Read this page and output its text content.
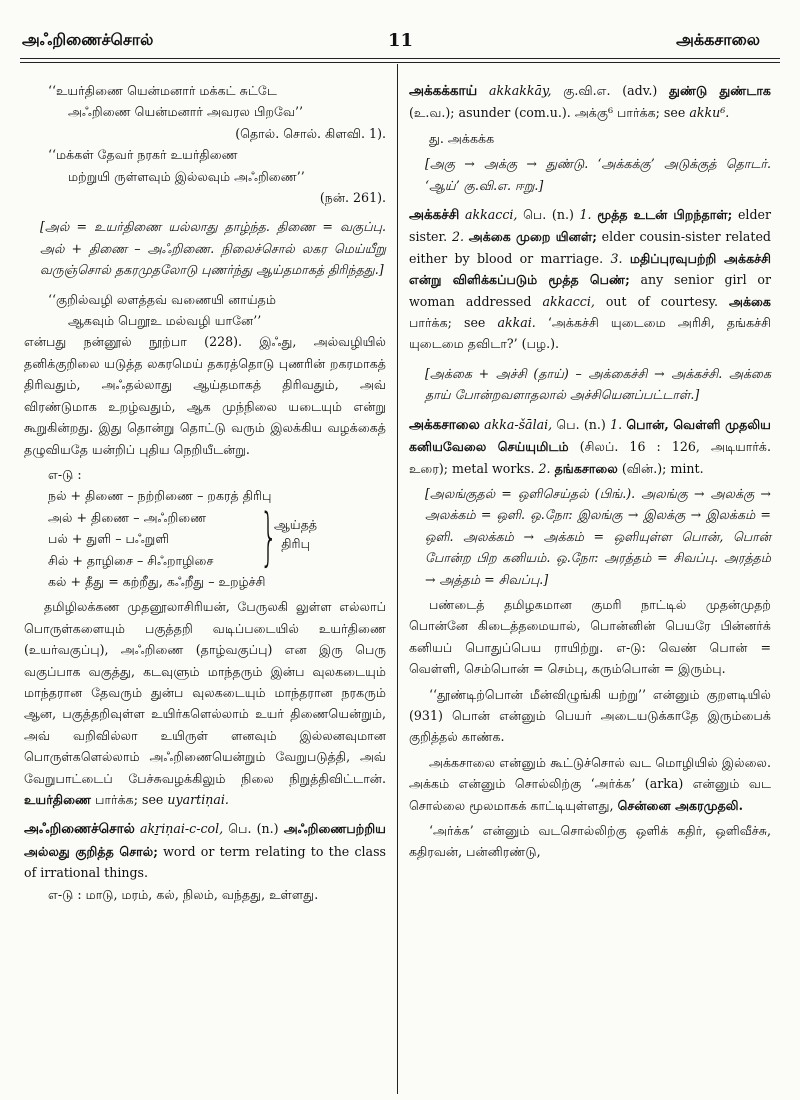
அஃறிணைச்சொல்	11	அக்கசாலை

‘‘உயர்திணை யென்மனார் மக்கட் சுட்டே

அஃறிணை யென்மனார் அவரல பிறவே’’

(தொல். சொல். கிளவி. 1).

‘‘மக்கள் தேவர் நரகர் உயர்திணை

மற்றுயி ருள்ளவும் இல்லவும் அஃறிணை’’

(நன். 261).

[அல் = உயர்திணை யல்லாது தாழ்ந்த. திணை = வகுப்பு. அல் + திணை – அஃறிணை. நிலைச்சொல் லகர மெய்யீறு வருஞ்சொல் தகரமுதலோடு புணர்ந்து ஆய்தமாகத் திரிந்தது.]

‘‘குறில்வழி லளத்தவ் வணையி னாய்தம்

ஆகவும் பெறூஉ மல்வழி யானே’’

என்பது நன்னூல் நூற்பா (228). இஃது, அல்வழியில் தனிக்குறிலை யடுத்த லகரமெய் தகரத்தொடு புணரின் றகரமாகத் திரிவதும், அஃதல்லாது ஆய்தமாகத் திரிவதும், அவ் விரண்டுமாக உறழ்வதும், ஆக முந்நிலை யடையும் என்று கூறுகின்றது. இது தொன்று தொட்டு வரும் இலக்கிய வழக்கைத் தழுவியதே யன்றிப் புதிய நெறியீடன்று.

எ-டு :

நல் + திணை – நற்றிணை – றகரத் திரிபு

அல் + திணை – அஃறிணை

பல் + துளி – பஃறுளி

சில் + தாழிசை – சிஃறாழிசை }
ஆய்தத்
திரிபு

கல் + தீது = கற்றீது, கஃறீது – உறழ்ச்சி

தமிழிலக்கண முதனூலாசிரியன், பேருலகி லுள்ள எல்லாப் பொருள்களையும் பகுத்தறி வடிப்படையில் உயர்திணை (உயர்வகுப்பு), அஃறிணை (தாழ்வகுப்பு) என இரு பெரு வகுப்பாக வகுத்து, கடவுளும் மாந்தரும் இன்ப வுலகடையும் மாந்தரான தேவரும் துன்ப வுலகடையும் மாந்தரான நரகரும் ஆன, பகுத்தறிவுள்ள உயிர்களெல்லாம் உயர் திணையென்றும், அவ் வறிவில்லா உயிருள் ளனவும் இல்லனவுமான பொருள்களெல்லாம் அஃறிணையென்றும் வேறுபடுத்தி, அவ் வேறுபாட்டைப் பேச்சுவழக்கிலும் நிலை நிறுத்திவிட்டான். உயர்திணை பார்க்க; see uyartiṇai.

அஃறிணைச்சொல் akṟiṇai-c-col, பெ. (n.) அஃறிணைபற்றிய அல்லது குறித்த சொல்; word or term relating to the class of irrational things.

எ-டு : மாடு, மரம், கல், நிலம், வந்தது, உள்ளது.

அக்கக்காய் akkakkāy, கு.வி.எ. (adv.) துண்டு துண்டாக (உ.வ.); asunder (com.u.). அக்கு⁶ பார்க்க; see akku⁶.

து. அக்கக்க

[அகு → அக்கு → துண்டு. ‘அக்கக்கு’ அடுக்குத் தொடர். ‘ஆய்’ கு.வி.எ. ஈறு.]

அக்கச்சி akkacci, பெ. (n.) 1. மூத்த உடன் பிறந்தாள்; elder sister. 2. அக்கை முறை யினள்; elder cousin-sister related either by blood or marriage. 3. மதிப்புரவுபற்றி அக்கச்சி என்று விளிக்கப்படும் மூத்த பெண்; any senior girl or woman addressed akkacci, out of courtesy. அக்கை பார்க்க; see akkai. ‘அக்கச்சி யுடைமை அரிசி, தங்கச்சி யுடைமை தவிடா?’ (பழ.).

[அக்கை + அச்சி (தாய்) – அக்கைச்சி → அக்கச்சி. அக்கை தாய் போன்றவளாதலால் அச்சியெனப்பட்டாள்.]

அக்கசாலை akka-šālai, பெ. (n.) 1. பொன், வெள்ளி முதலிய கனியவேலை செய்யுமிடம் (சிலப். 16 : 126, அடியார்க். உரை); metal works. 2. தங்கசாலை (வின்.); mint.

[அலங்குதல் = ஒளிசெய்தல் (பிங்.). அலங்கு → அலக்கு → அலக்கம் = ஒளி. ஒ.நோ: இலங்கு → இலக்கு → இலக்கம் = ஒளி. அலக்கம் → அக்கம் = ஒளியுள்ள பொன், பொன் போன்ற பிற கனியம். ஒ.நோ: அரத்தம் = சிவப்பு. அரத்தம் → அத்தம் = சிவப்பு.]

பண்டைத் தமிழகமான குமரி நாட்டில் முதன்முதற் பொன்னே கிடைத்தமையால், பொன்னின் பெயரே பின்னர்க் கனியப் பொதுப்பெய ராயிற்று. எ-டு: வெண் பொன் = வெள்ளி, செம்பொன் = செம்பு, கரும்பொன் = இரும்பு.

‘‘தூண்டிற்பொன் மீன்விழுங்கி யற்று’’ என்னும் குறளடியில் (931) பொன் என்னும் பெயர் அடையடுக்காதே இரும்பைக் குறித்தல் காண்க.

அக்கசாலை என்னும் கூட்டுச்சொல் வட மொழியில் இல்லை. அக்கம் என்னும் சொல்லிற்கு ‘அர்க்க’ (arka) என்னும் வட சொல்லை மூலமாகக் காட்டியுள்ளது, சென்னை அகரமுதலி.

‘அர்க்க’ என்னும் வடசொல்லிற்கு ஒளிக் கதிர், ஒளிவீச்சு, கதிரவன், பன்னிரண்டு,
